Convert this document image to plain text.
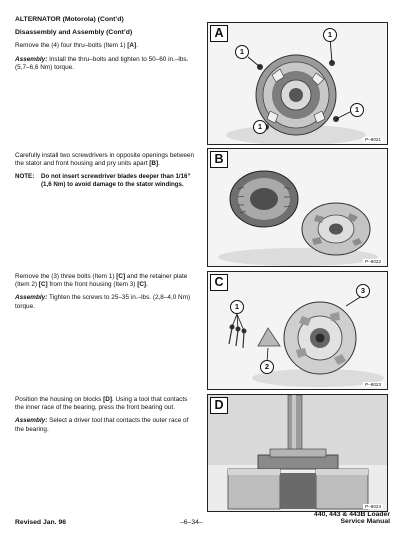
ALTERNATOR (Motorola) (Cont’d)
Disassembly and Assembly (Cont’d)
Remove the (4) four thru–bolts (Item 1) [A].
Assembly: Install the thru–bolts and tighten to 50–60 in.–lbs. (5,7–6,6 Nm) torque.
Carefully install two screwdrivers in opposite openings between the stator and front housing and pry units apart [B].
NOTE:	Do not insert screwdriver blades deeper than 1/16” (1,6 Nm) to avoid damage to the stator windings.
Remove the (3) three bolts (Item 1) [C] and the retainer plate (Item 2) [C] from the front housing (Item 3) [C].
Assembly: Tighten the screws to 25–35 in.–lbs. (2,8–4,0 Nm) torque.
Position the housing on blocks [D]. Using a tool that contacts the inner race of the bearing, press the front bearing out.
Assembly: Select a driver tool that contacts the outer race of the bearing.
A
1
1
1
1
P–8021
B
P–8022
C
1
2
3
P–8023
D
P–8024
Revised Jan. 96	–6–34–
440, 443 & 443B Loader
Service Manual
